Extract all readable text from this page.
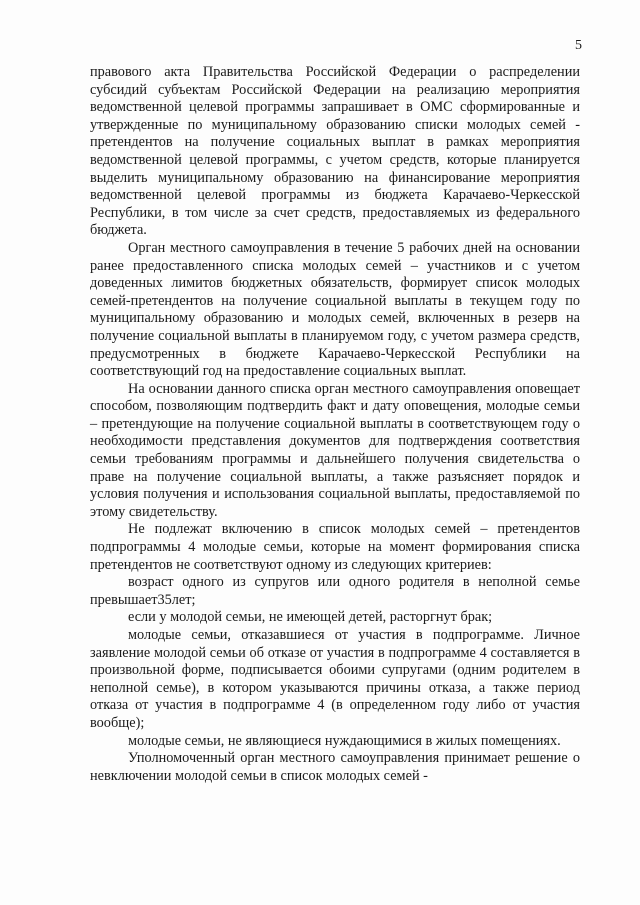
5

правового акта Правительства Российской Федерации о распределении субсидий субъектам Российской Федерации на реализацию мероприятия ведомственной целевой программы запрашивает в ОМС сформированные и утвержденные по муниципальному образованию списки молодых семей - претендентов на получение социальных выплат в рамках мероприятия ведомственной целевой программы, с учетом средств, которые планируется выделить муниципальному образованию на финансирование мероприятия ведомственной целевой программы из бюджета Карачаево-Черкесской Республики, в том числе за счет средств, предоставляемых из федерального бюджета.

Орган местного самоуправления в течение 5 рабочих дней на основании ранее предоставленного списка молодых семей – участников и с учетом доведенных лимитов бюджетных обязательств, формирует список молодых семей-претендентов на получение социальной выплаты в текущем году по муниципальному образованию и молодых семей, включенных в резерв на получение социальной выплаты в планируемом году, с учетом размера средств, предусмотренных в бюджете Карачаево-Черкесской Республики на соответствующий год на предоставление социальных выплат.

На основании данного списка орган местного самоуправления оповещает способом, позволяющим подтвердить факт и дату оповещения, молодые семьи – претендующие на получение социальной выплаты в соответствующем году о необходимости представления документов для подтверждения соответствия семьи требованиям программы и дальнейшего получения свидетельства о праве на получение социальной выплаты, а также разъясняет порядок и условия получения и использования социальной выплаты, предоставляемой по этому свидетельству.

Не подлежат включению в список молодых семей – претендентов подпрограммы 4 молодые семьи, которые на момент формирования списка претендентов не соответствуют одному из следующих критериев:

возраст одного из супругов или одного родителя в неполной семье превышает35лет;

если у молодой семьи, не имеющей детей, расторгнут брак;

молодые семьи, отказавшиеся от участия в подпрограмме. Личное заявление молодой семьи об отказе от участия в подпрограмме 4 составляется в произвольной форме, подписывается обоими супругами (одним родителем в неполной семье), в котором указываются причины отказа, а также период отказа от участия в подпрограмме 4 (в определенном году либо от участия вообще);

молодые семьи, не являющиеся нуждающимися в жилых помещениях.

Уполномоченный орган местного самоуправления принимает решение о невключении молодой семьи в список молодых семей -
